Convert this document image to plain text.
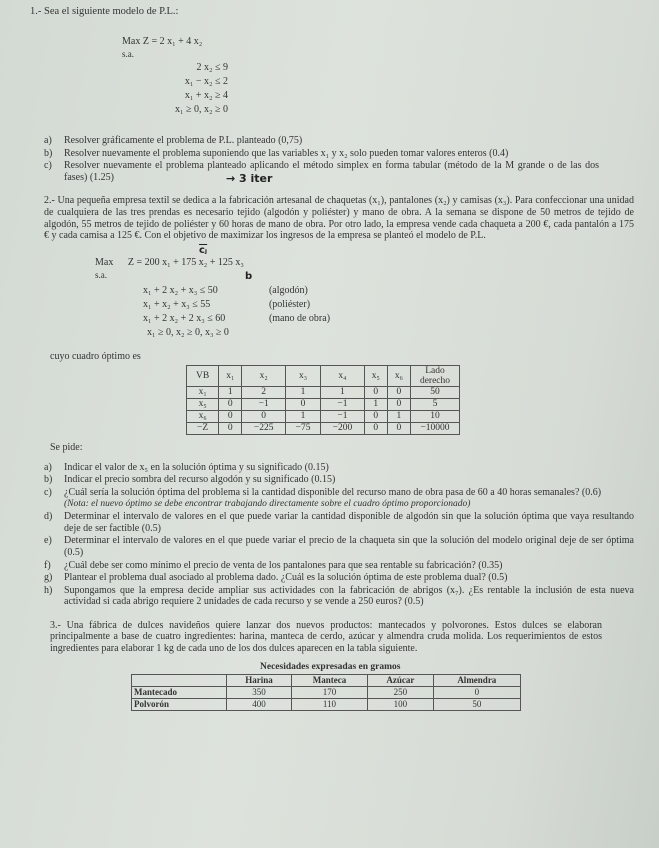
1.- Sea el siguiente modelo de P.L.:
Max Z = 2 x₁ + 4 x₂
s.a.
2 x₂ ≤ 9
x₁ − x₂ ≤ 2
x₁ + x₂ ≥ 4
x₁ ≥ 0, x₂ ≥ 0
a) Resolver gráficamente el problema de P.L. planteado (0,75)
b) Resolver nuevamente el problema suponiendo que las variables x₁ y x₂ solo pueden tomar valores enteros (0.4)
c) Resolver nuevamente el problema planteado aplicando el método simplex en forma tabular (método de la M grande o de las dos fases) (1.25)	→ 3 iter
2.- Una pequeña empresa textil se dedica a la fabricación artesanal de chaquetas (x₁), pantalones (x₂) y camisas (x₃). Para confeccionar una unidad de cualquiera de las tres prendas es necesario tejido (algodón y poliéster) y mano de obra. A la semana se dispone de 50 metros de tejido de algodón, 55 metros de tejido de poliéster y 60 horas de mano de obra. Por otro lado, la empresa vende cada chaqueta a 200 €, cada pantalón a 175 € y cada camisa a 125 €. Con el objetivo de maximizar los ingresos de la empresa se planteó el modelo de P.L.
Max Z = 200 x₁ + 175 x₂ + 125 x₃
$\overline{cⱼ}$
s.a.	b
x₁ + 2 x₂ + x₃ ≤ 50	(algodón)
x₁ + x₂ + x₃ ≤ 55	(poliéster)
x₁ + 2 x₂ + 2 x₃ ≤ 60	(mano de obra)
x₁ ≥ 0, x₂ ≥ 0, x₃ ≥ 0
cuyo cuadro óptimo es
VB	x₁	x₂	x₃	x₄	x₅	x₆	Lado derecho
x₁	1	2	1	1	0	0	50
x₅	0	−1	0	−1	1	0	5
x₆	0	0	1	−1	0	1	10
−Z	0	−225	−75	−200	0	0	−10000
Se pide:
a) Indicar el valor de x₅ en la solución óptima y su significado (0.15)
b) Indicar el precio sombra del recurso algodón y su significado (0.15)
c) ¿Cuál sería la solución óptima del problema si la cantidad disponible del recurso mano de obra pasa de 60 a 40 horas semanales? (0.6)
(Nota: el nuevo óptimo se debe encontrar trabajando directamente sobre el cuadro óptimo proporcionado)
d) Determinar el intervalo de valores en el que puede variar la cantidad disponible de algodón sin que la solución óptima que vaya resultando deje de ser factible (0.5)
e) Determinar el intervalo de valores en el que puede variar el precio de la chaqueta sin que la solución del modelo original deje de ser óptima (0.5)
f) ¿Cuál debe ser como mínimo el precio de venta de los pantalones para que sea rentable su fabricación? (0.35)
g) Plantear el problema dual asociado al problema dado. ¿Cuál es la solución óptima de este problema dual? (0.5)
h) Supongamos que la empresa decide ampliar sus actividades con la fabricación de abrigos (x₇). ¿Es rentable la inclusión de esta nueva actividad si cada abrigo requiere 2 unidades de cada recurso y se vende a 250 euros? (0.5)
3.- Una fábrica de dulces navideños quiere lanzar dos nuevos productos: mantecados y polvorones. Estos dulces se elaboran principalmente a base de cuatro ingredientes: harina, manteca de cerdo, azúcar y almendra cruda molida. Los requerimientos de estos ingredientes para elaborar 1 kg de cada uno de los dos dulces aparecen en la tabla siguiente.
Necesidades expresadas en gramos
	Harina	Manteca	Azúcar	Almendra
Mantecado	350	170	250	0
Polvorón	400	110	100	50
